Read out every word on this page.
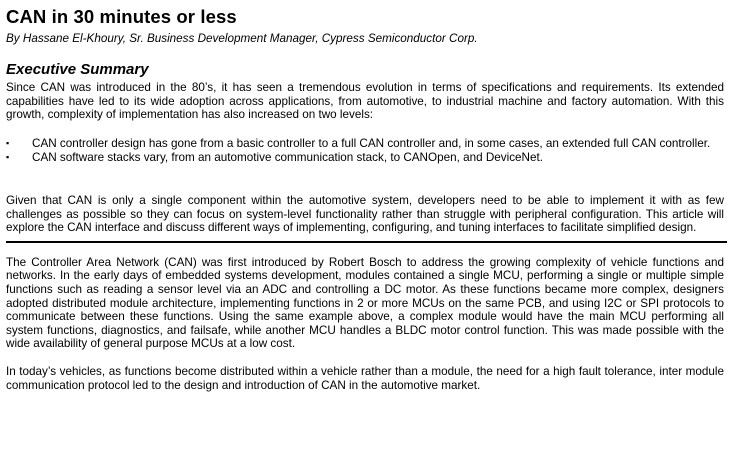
CAN in 30 minutes or less

By Hassane El-Khoury, Sr. Business Development Manager, Cypress Semiconductor Corp.

Executive Summary

Since CAN was introduced in the 80’s, it has seen a tremendous evolution in terms of specifications and requirements. Its extended capabilities have led to its wide adoption across applications, from automotive, to industrial machine and factory automation. With this growth, complexity of implementation has also increased on two levels:

▪ CAN controller design has gone from a basic controller to a full CAN controller and, in some cases, an extended full CAN controller.
▪ CAN software stacks vary, from an automotive communication stack, to CANOpen, and DeviceNet.

Given that CAN is only a single component within the automotive system, developers need to be able to implement it with as few challenges as possible so they can focus on system-level functionality rather than struggle with peripheral configuration. This article will explore the CAN interface and discuss different ways of implementing, configuring, and tuning interfaces to facilitate simplified design.

The Controller Area Network (CAN) was first introduced by Robert Bosch to address the growing complexity of vehicle functions and networks. In the early days of embedded systems development, modules contained a single MCU, performing a single or multiple simple functions such as reading a sensor level via an ADC and controlling a DC motor. As these functions became more complex, designers adopted distributed module architecture, implementing functions in 2 or more MCUs on the same PCB, and using I2C or SPI protocols to communicate between these functions. Using the same example above, a complex module would have the main MCU performing all system functions, diagnostics, and failsafe, while another MCU handles a BLDC motor control function. This was made possible with the wide availability of general purpose MCUs at a low cost.

In today’s vehicles, as functions become distributed within a vehicle rather than a module, the need for a high fault tolerance, inter module communication protocol led to the design and introduction of CAN in the automotive market.
